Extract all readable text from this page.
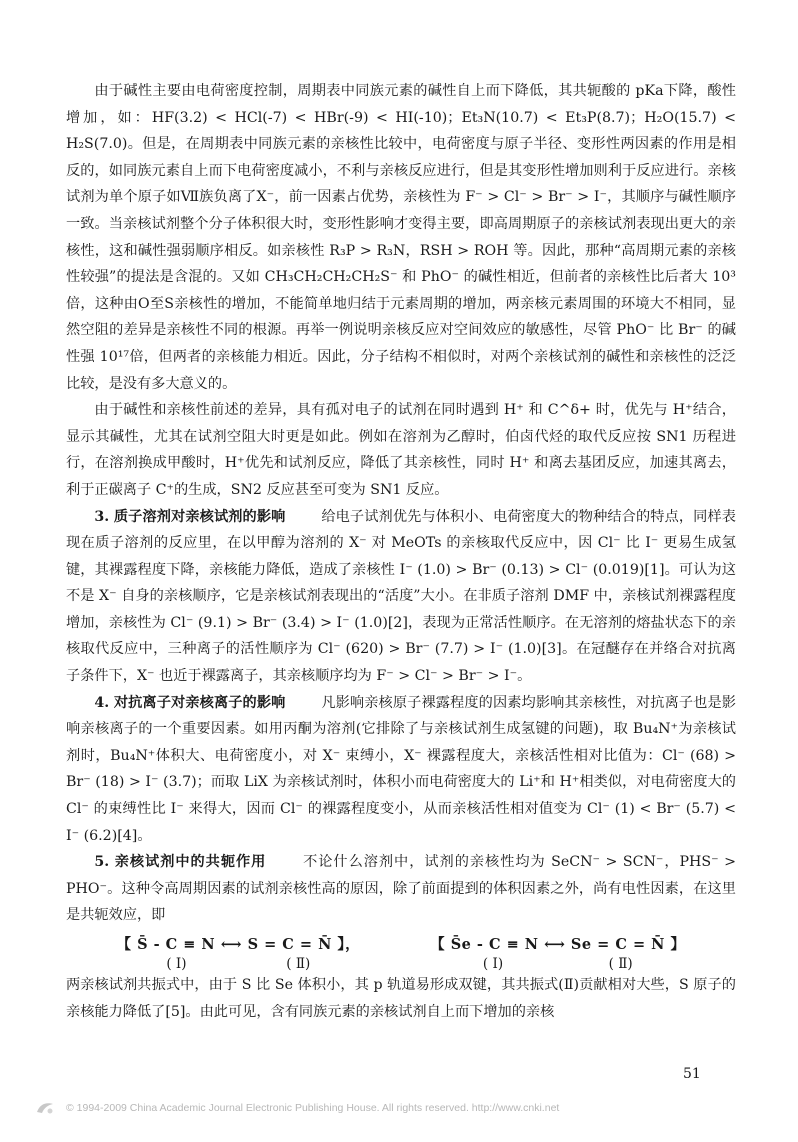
由于碱性主要由电荷密度控制，周期表中同族元素的碱性自上而下降低，其共轭酸的 pKa下降，酸性增加，如：HF(3.2) < HCl(-7) < HBr(-9) < HI(-10)；Et₃N(10.7) < Et₃P(8.7)；H₂O(15.7) < H₂S(7.0)。但是，在周期表中同族元素的亲核性比较中，电荷密度与原子半径、变形性两因素的作用是相反的，如同族元素自上而下电荷密度减小，不利与亲核反应进行，但是其变形性增加则利于反应进行。亲核试剂为单个原子如Ⅶ族负离了X⁻，前一因素占优势，亲核性为 F⁻ > Cl⁻ > Br⁻ > I⁻，其顺序与碱性顺序一致。当亲核试剂整个分子体积很大时，变形性影响才变得主要，即高周期原子的亲核试剂表现出更大的亲核性，这和碱性强弱顺序相反。如亲核性 R₃P > R₃N，RSH > ROH 等。因此，那种“高周期元素的亲核性较强”的提法是含混的。又如 CH₃CH₂CH₂CH₂S⁻ 和 PhO⁻ 的碱性相近，但前者的亲核性比后者大 10³ 倍，这种由O至S亲核性的增加，不能简单地归结于元素周期的增加，两亲核元素周围的环境大不相同，显然空阻的差异是亲核性不同的根源。再举一例说明亲核反应对空间效应的敏感性，尽管 PhO⁻ 比 Br⁻ 的碱性强 10¹⁷倍，但两者的亲核能力相近。因此，分子结构不相似时，对两个亲核试剂的碱性和亲核性的泛泛比较，是没有多大意义的。

由于碱性和亲核性前述的差异，具有孤对电子的试剂在同时遇到 H⁺ 和 C^δ+ 时，优先与 H⁺结合，显示其碱性，尤其在试剂空阻大时更是如此。例如在溶剂为乙醇时，伯卤代烃的取代反应按 SN1 历程进行，在溶剂换成甲酸时，H⁺优先和试剂反应，降低了其亲核性，同时 H⁺ 和离去基团反应，加速其离去，利于正碳离子 C⁺的生成，SN2 反应甚至可变为 SN1 反应。

3. 质子溶剂对亲核试剂的影响	给电子试剂优先与体积小、电荷密度大的物种结合的特点，同样表现在质子溶剂的反应里，在以甲醇为溶剂的 X⁻ 对 MeOTs 的亲核取代反应中，因 Cl⁻ 比 I⁻ 更易生成氢键，其裸露程度下降，亲核能力降低，造成了亲核性 I⁻ (1.0) > Br⁻ (0.13) > Cl⁻ (0.019)[1]。可认为这不是 X⁻ 自身的亲核顺序，它是亲核试剂表现出的“活度”大小。在非质子溶剂 DMF 中，亲核试剂裸露程度增加，亲核性为 Cl⁻ (9.1) > Br⁻ (3.4) > I⁻ (1.0)[2]，表现为正常活性顺序。在无溶剂的熔盐状态下的亲核取代反应中，三种离子的活性顺序为 Cl⁻ (620) > Br⁻ (7.7) > I⁻ (1.0)[3]。在冠醚存在并络合对抗离子条件下，X⁻ 也近于裸露离子，其亲核顺序均为 F⁻ > Cl⁻ > Br⁻ > I⁻。

4. 对抗离子对亲核离子的影响	凡影响亲核原子裸露程度的因素均影响其亲核性，对抗离子也是影响亲核离子的一个重要因素。如用丙酮为溶剂(它排除了与亲核试剂生成氢键的问题)，取 Bu₄N⁺为亲核试剂时，Bu₄N⁺体积大、电荷密度小，对 X⁻ 束缚小，X⁻ 裸露程度大，亲核活性相对比值为：Cl⁻ (68) > Br⁻ (18) > I⁻ (3.7)；而取 LiX 为亲核试剂时，体积小而电荷密度大的 Li⁺和 H⁺相类似，对电荷密度大的 Cl⁻ 的束缚性比 I⁻ 来得大，因而 Cl⁻ 的裸露程度变小，从而亲核活性相对值变为 Cl⁻ (1) < Br⁻ (5.7) < I⁻ (6.2)[4]。

5. 亲核试剂中的共轭作用	不论什么溶剂中，试剂的亲核性均为 SeCN⁻ > SCN⁻，PHS⁻ > PHO⁻。这种令高周期因素的试剂亲核性高的原因，除了前面提到的体积因素之外，尚有电性因素，在这里是共轭效应，即

【 S̄ - C ≡ N ⟷ S = C = N̄ 】，
( Ⅰ)	( Ⅱ)
【 S̄e - C ≡ N ⟷ Se = C = N̄ 】
( Ⅰ)	( Ⅱ)

两亲核试剂共振式中，由于 S 比 Se 体积小，其 p 轨道易形成双键，其共振式(Ⅱ)贡献相对大些，S 原子的亲核能力降低了[5]。由此可见，含有同族元素的亲核试剂自上而下增加的亲核

51
© 1994-2009 China Academic Journal Electronic Publishing House. All rights reserved. http://www.cnki.net
